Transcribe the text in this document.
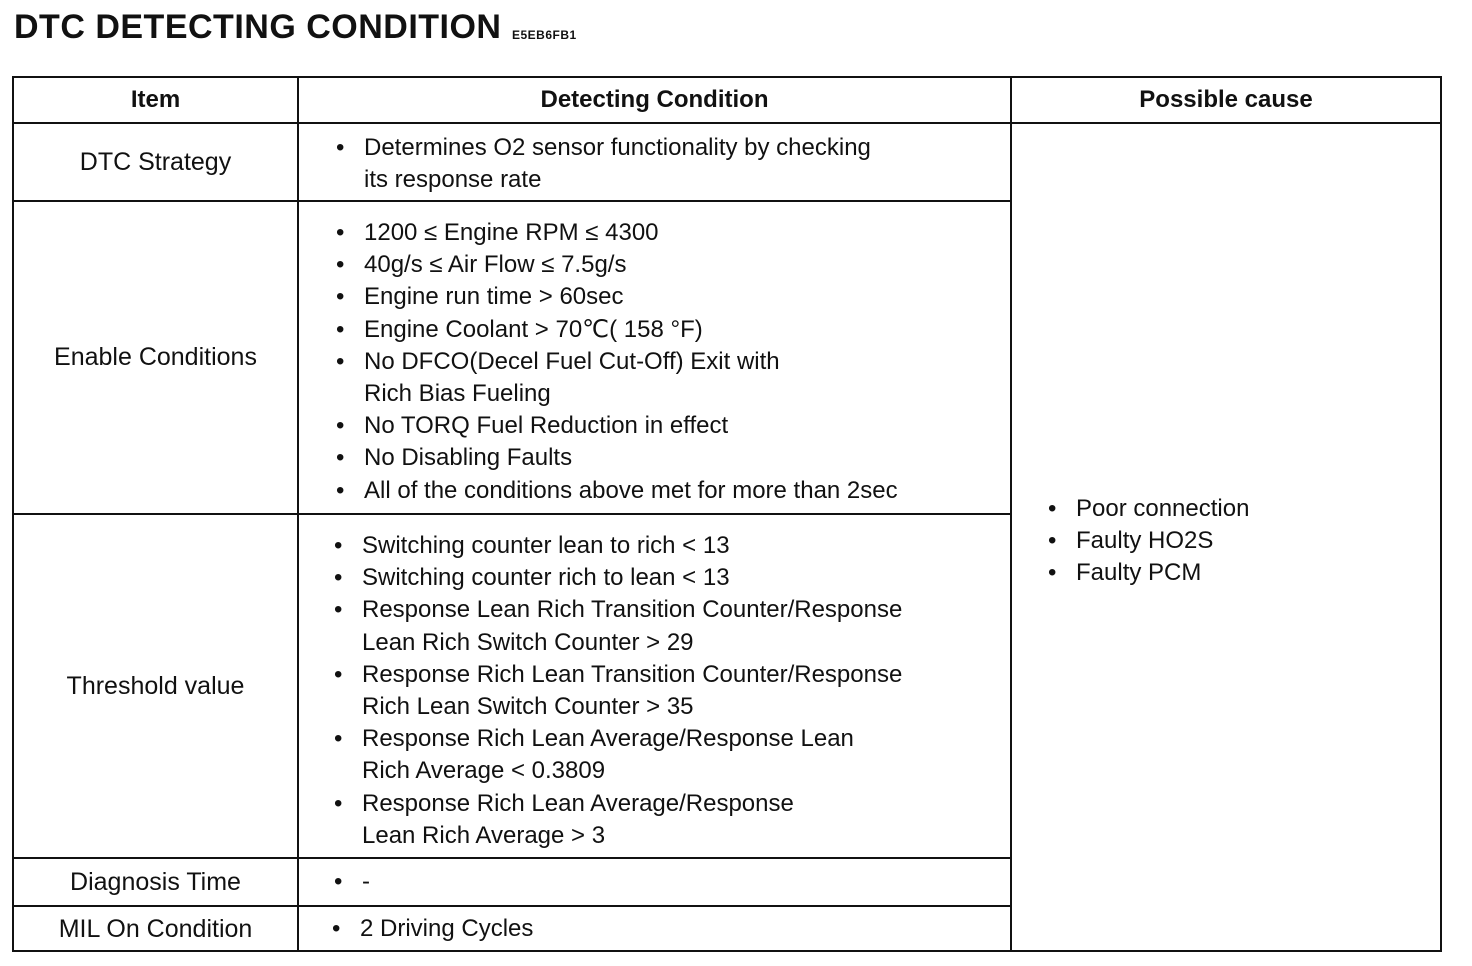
DTC DETECTING CONDITION E5EB6FB1
Item	Detecting Condition	Possible cause
DTC Strategy
Enable Conditions
Threshold value
Diagnosis Time
MIL On Condition
• Determines O2 sensor functionality by checking
its response rate
• 1200 ≤ Engine RPM ≤ 4300
• 40g/s ≤ Air Flow ≤ 7.5g/s
• Engine run time > 60sec
• Engine Coolant > 70℃( 158 °F)
• No DFCO(Decel Fuel Cut-Off) Exit with
Rich Bias Fueling
• No TORQ Fuel Reduction in effect
• No Disabling Faults
• All of the conditions above met for more than 2sec
• Switching counter lean to rich < 13
• Switching counter rich to lean < 13
• Response Lean Rich Transition Counter/Response
Lean Rich Switch Counter > 29
• Response Rich Lean Transition Counter/Response
Rich Lean Switch Counter > 35
• Response Rich Lean Average/Response Lean
Rich Average < 0.3809
• Response Rich Lean Average/Response
Lean Rich Average > 3
• -
• 2 Driving Cycles
• Poor connection
• Faulty HO2S
• Faulty PCM
